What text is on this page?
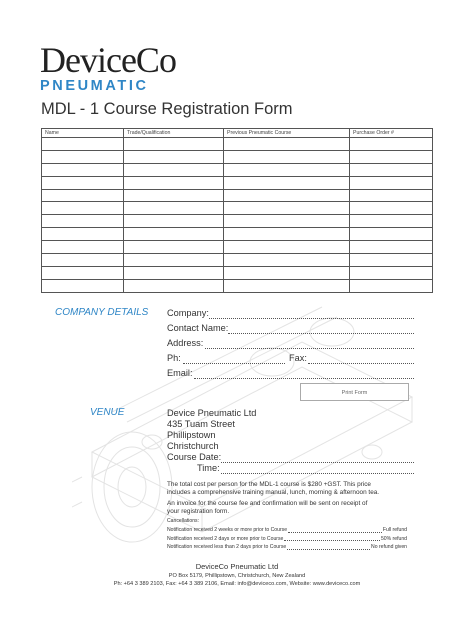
DeviceCo
PNEUMATIC
MDL - 1 Course Registration Form
Name	Trade/Qualification	Previous Pneumatic Course	Purchase Order #

COMPANY DETAILS Company:
Contact Name:
Address:
Ph:	Fax:
Email:
Print Form
VENUE	Device Pneumatic Ltd
435 Tuam Street
Phillipstown
Christchurch
Course Date:
Time:
The total cost per person for the MDL-1 course is $280 +GST. This price
includes a comprehensive training manual, lunch, morning & afternoon tea.
An invoice for the course fee and confirmation will be sent on receipt of
your registration form.
Cancellations:
Notification received 2 weeks or more prior to Course	Full refund
Notification received 2 days or more prior to Course	50% refund
Notification received less than 2 days prior to Course	No refund given
DeviceCo Pneumatic Ltd
PO Box 5179, Phillipstown, Christchurch, New Zealand
Ph: +64 3 389 2103, Fax: +64 3 389 2106, Email: info@deviceco.com, Website: www.deviceco.com
